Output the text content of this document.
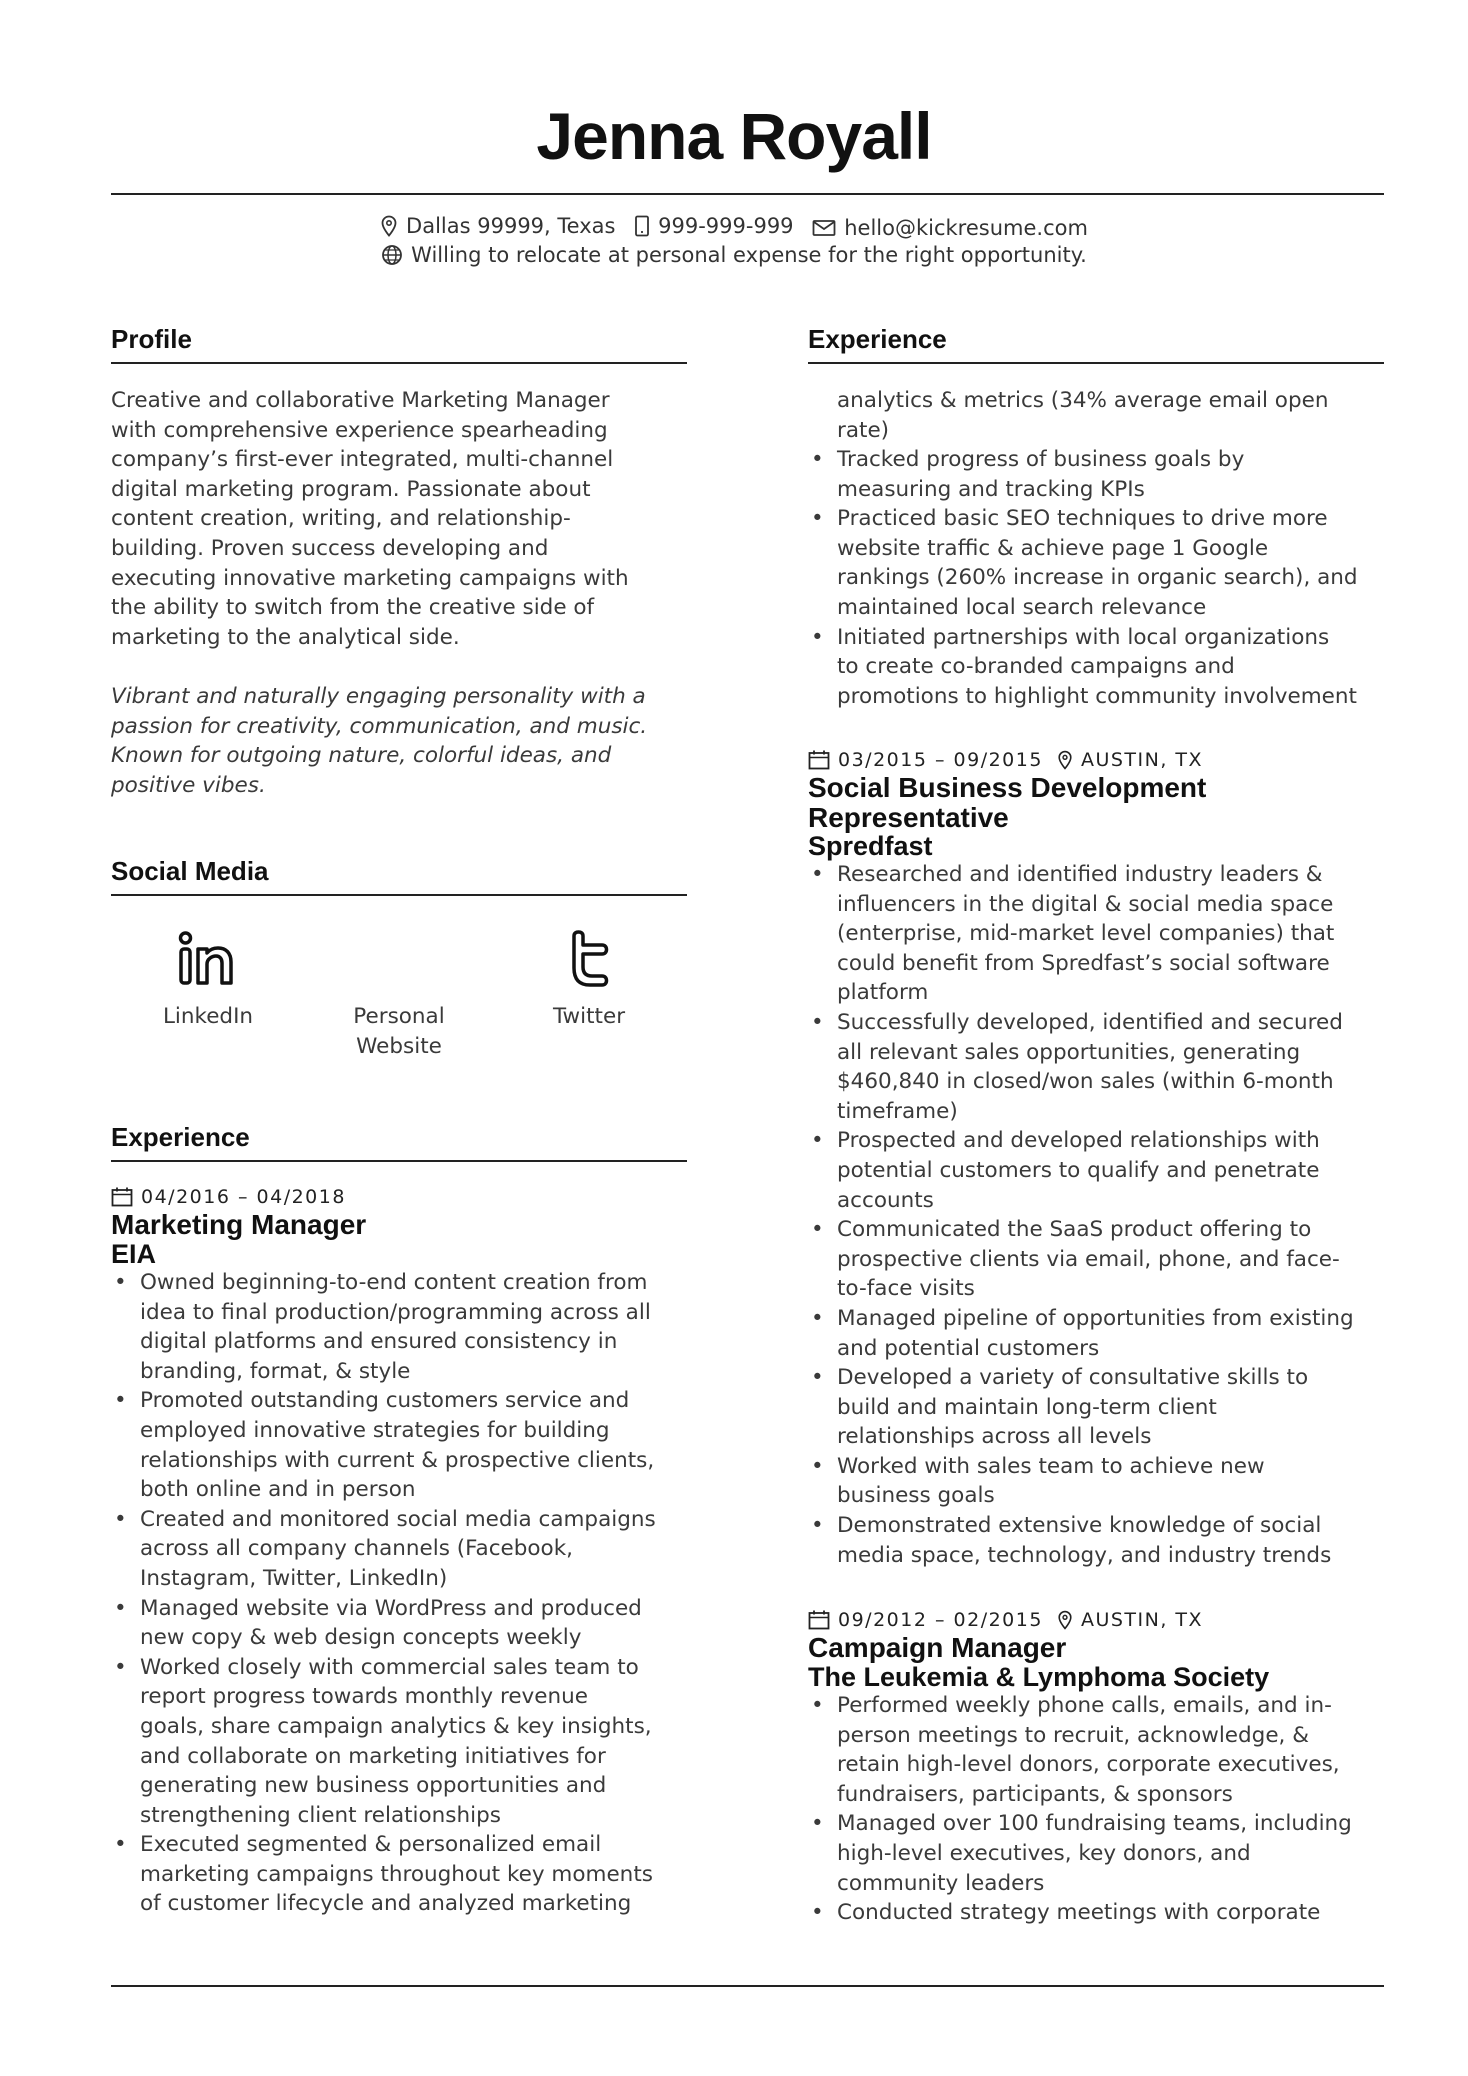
Jenna Royall
Dallas 99999, Texas
999-999-999
hello@kickresume.com
Willing to relocate at personal expense for the right opportunity.
Profile

Creative and collaborative Marketing Manager
with comprehensive experience spearheading
company’s first-ever integrated, multi-channel
digital marketing program. Passionate about
content creation, writing, and relationship-
building. Proven success developing and
executing innovative marketing campaigns with
the ability to switch from the creative side of
marketing to the analytical side.

Vibrant and naturally engaging personality with a
passion for creativity, communication, and music.
Known for outgoing nature, colorful ideas, and
positive vibes.

Social Media
LinkedIn	Personal
Website
Twitter
Experience
04/2016 – 04/2018
Marketing Manager
EIA
• Owned beginning-to-end content creation from
idea to final production/programming across all
digital platforms and ensured consistency in
branding, format, & style
• Promoted outstanding customers service and
employed innovative strategies for building
relationships with current & prospective clients,
both online and in person
• Created and monitored social media campaigns
across all company channels (Facebook,
Instagram, Twitter, LinkedIn)
• Managed website via WordPress and produced
new copy & web design concepts weekly
• Worked closely with commercial sales team to
report progress towards monthly revenue
goals, share campaign analytics & key insights,
and collaborate on marketing initiatives for
generating new business opportunities and
strengthening client relationships
• Executed segmented & personalized email
marketing campaigns throughout key moments
of customer lifecycle and analyzed marketing
Experience

analytics & metrics (34% average email open
rate)

• Tracked progress of business goals by
measuring and tracking KPIs
• Practiced basic SEO techniques to drive more
website traffic & achieve page 1 Google
rankings (260% increase in organic search), and
maintained local search relevance
• Initiated partnerships with local organizations
to create co-branded campaigns and
promotions to highlight community involvement
03/2015 – 09/2015 AUSTIN, TX
Social Business Development
Representative
Spredfast
• Researched and identified industry leaders &
influencers in the digital & social media space
(enterprise, mid-market level companies) that
could benefit from Spredfast’s social software
platform
• Successfully developed, identified and secured
all relevant sales opportunities, generating
$460,840 in closed/won sales (within 6-month
timeframe)
• Prospected and developed relationships with
potential customers to qualify and penetrate
accounts
• Communicated the SaaS product offering to
prospective clients via email, phone, and face-
to-face visits
• Managed pipeline of opportunities from existing
and potential customers
• Developed a variety of consultative skills to
build and maintain long-term client
relationships across all levels
• Worked with sales team to achieve new
business goals
• Demonstrated extensive knowledge of social
media space, technology, and industry trends
09/2012 – 02/2015 AUSTIN, TX
Campaign Manager
The Leukemia & Lymphoma Society
• Performed weekly phone calls, emails, and in-
person meetings to recruit, acknowledge, &
retain high-level donors, corporate executives,
fundraisers, participants, & sponsors
• Managed over 100 fundraising teams, including
high-level executives, key donors, and
community leaders
• Conducted strategy meetings with corporate
